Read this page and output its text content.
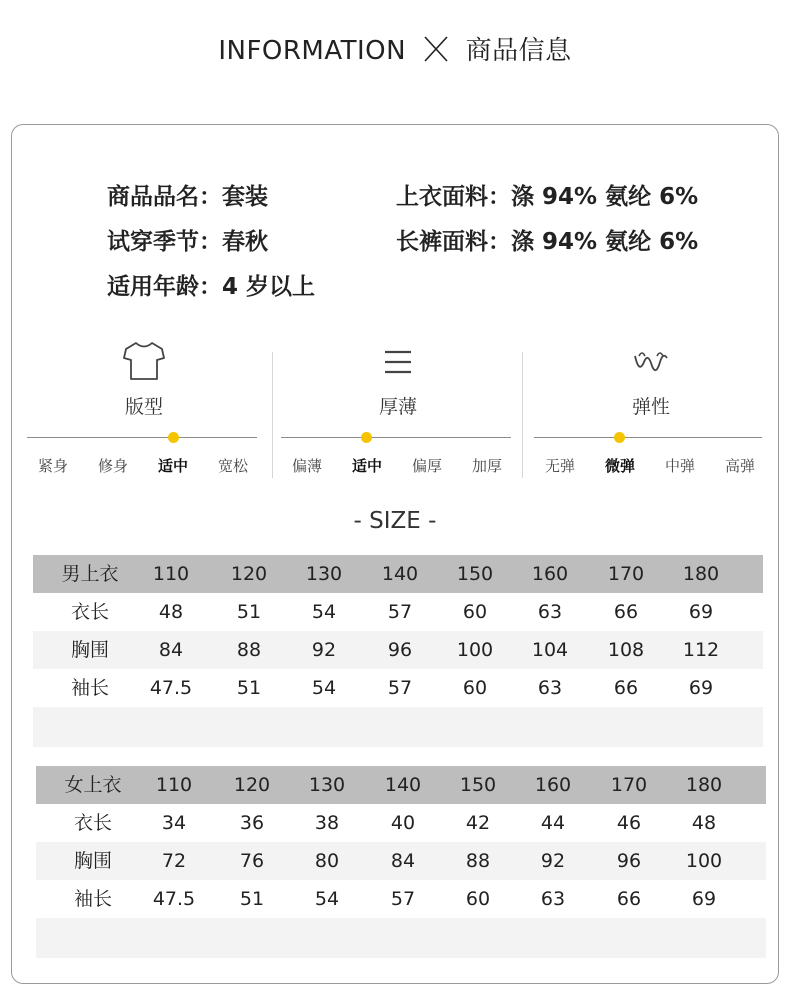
INFORMATION 商品信息
商品品名：套装
试穿季节：春秋
适用年龄：4 岁以上
上衣面料：涤 94% 氨纶 6%
长裤面料：涤 94% 氨纶 6%
版型
紧身	修身	适中	宽松
厚薄
偏薄	适中	偏厚	加厚
弹性
无弹	微弹	中弹	高弹
- SIZE -
男上衣	110	120	130	140	150	160	170	180
衣长	48	51	54	57	60	63	66	69
胸围	84	88	92	96	100	104	108	112
袖长	47.5	51	54	57	60	63	66	69
女上衣	110	120	130	140	150	160	170	180
衣长	34	36	38	40	42	44	46	48
胸围	72	76	80	84	88	92	96	100
袖长	47.5	51	54	57	60	63	66	69
